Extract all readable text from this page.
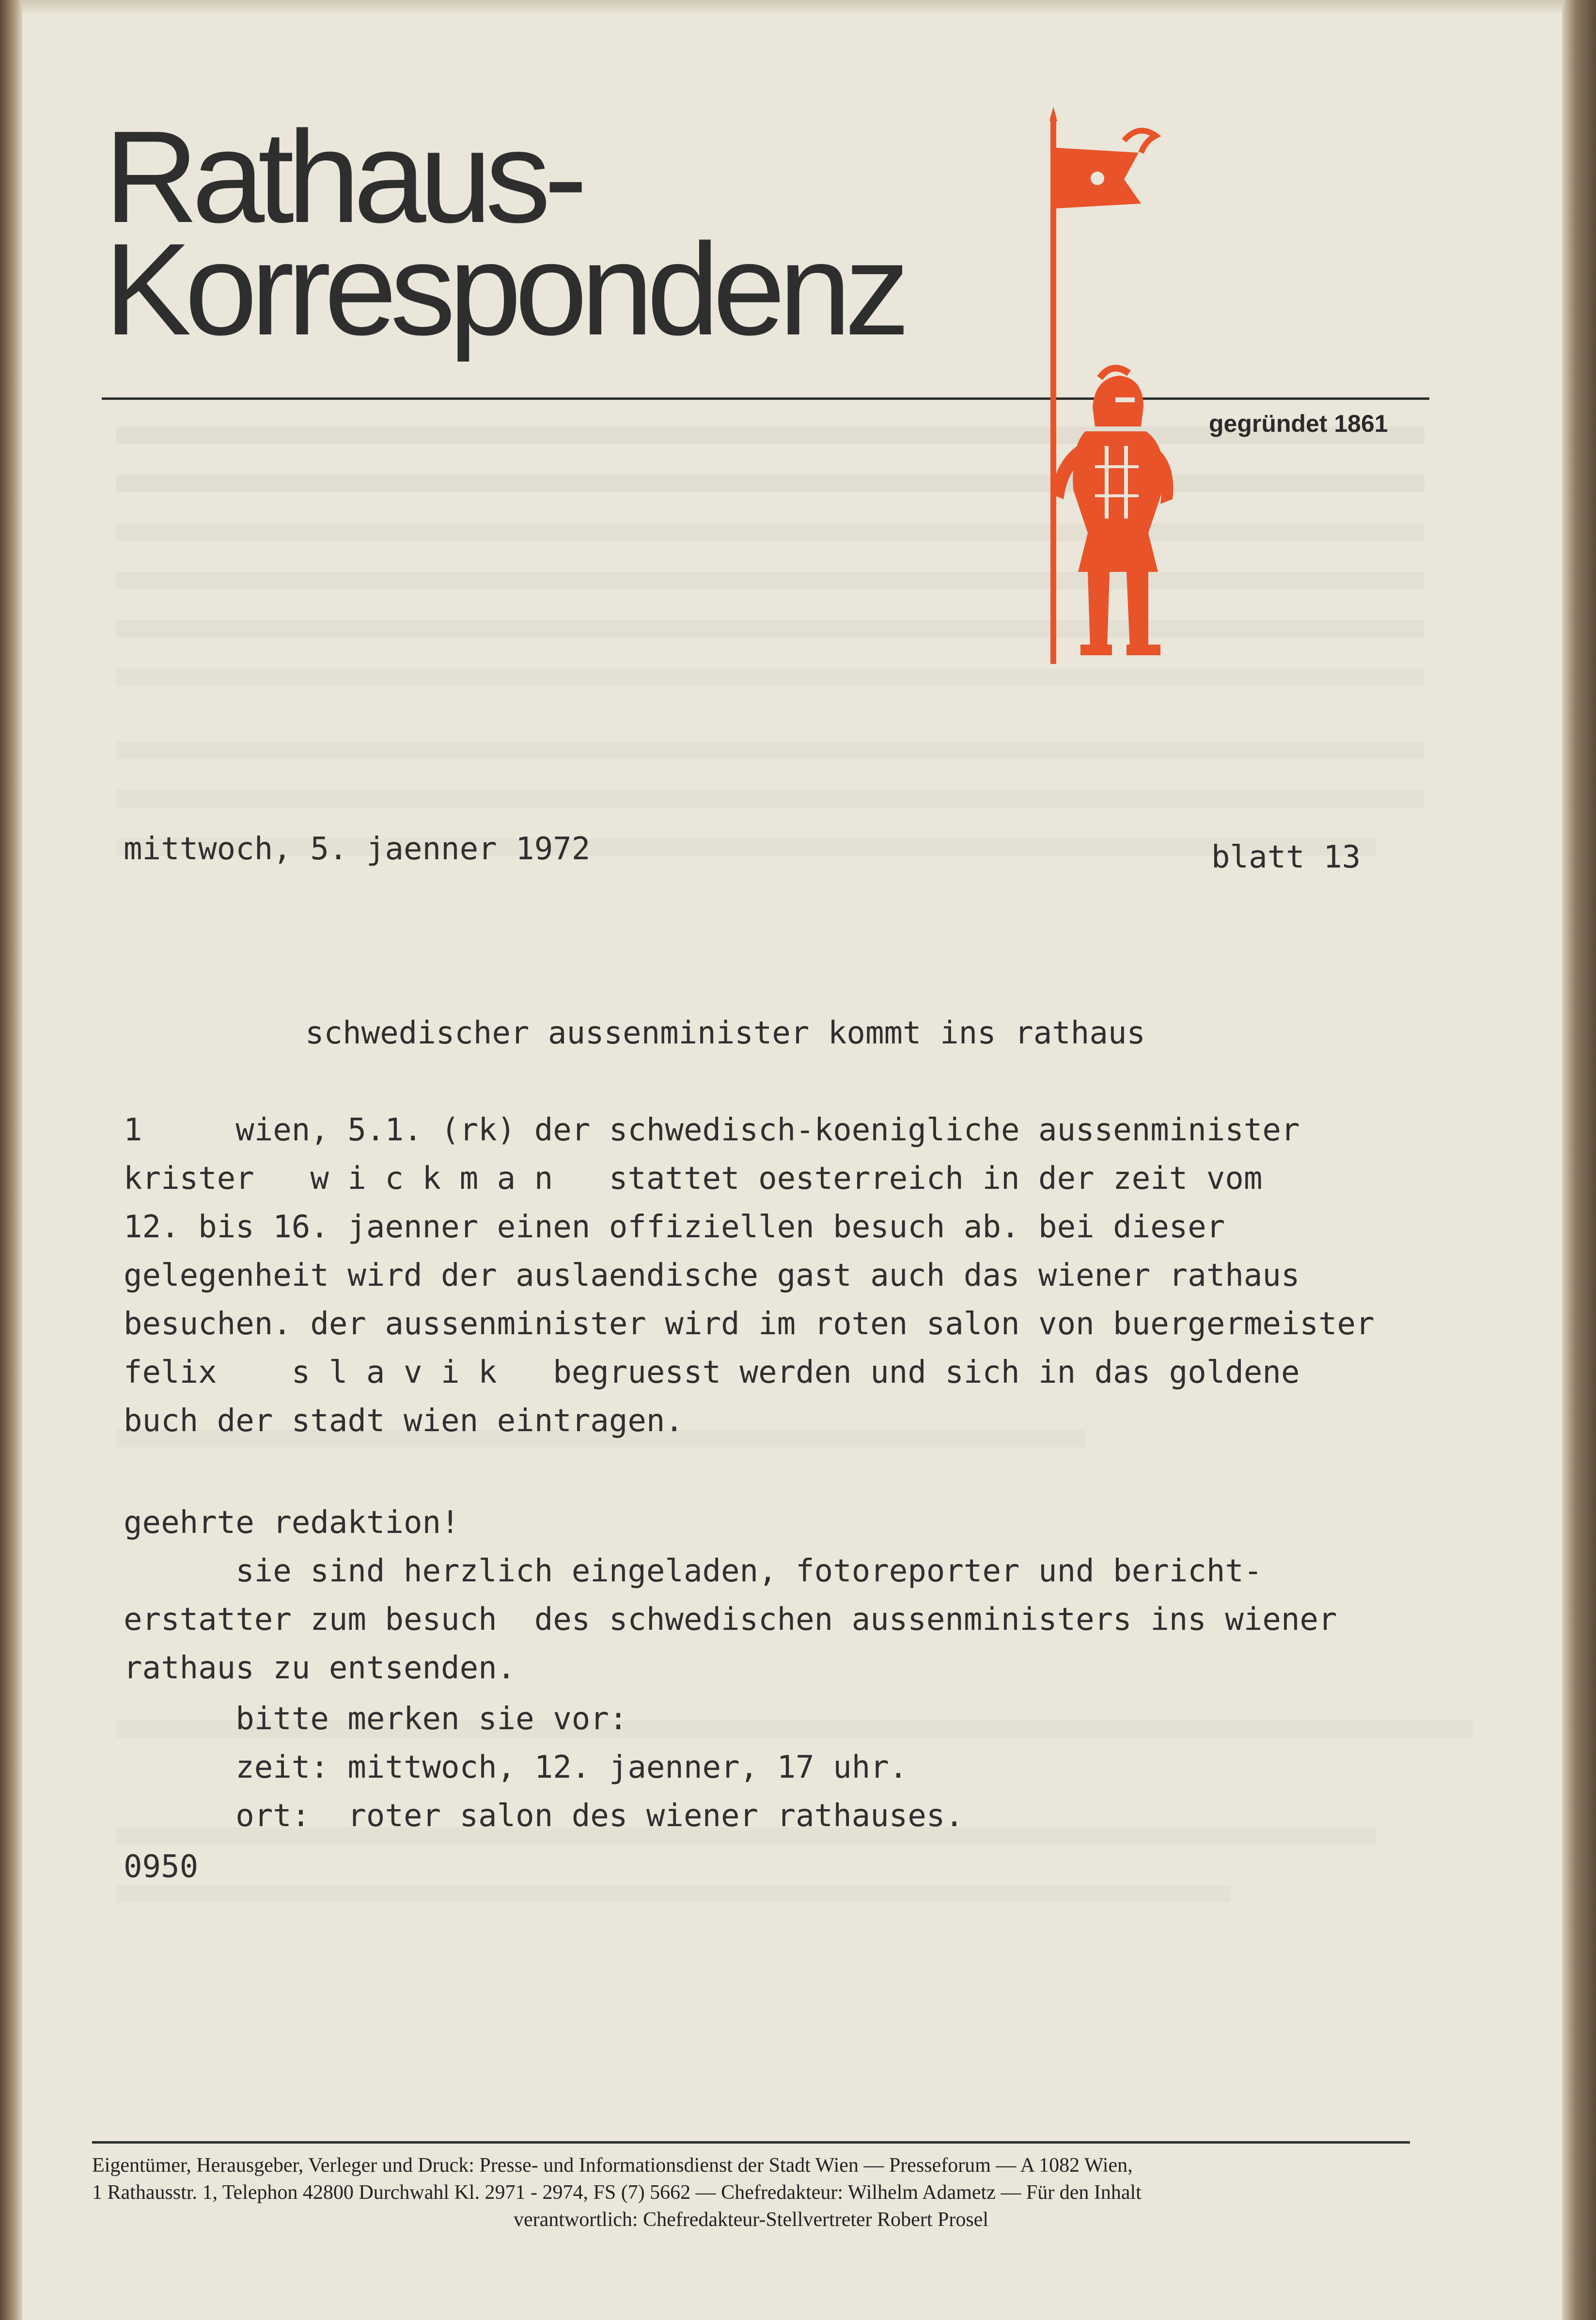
Rathaus-
Korrespondenz
gegründet 1861
mittwoch, 5. jaenner 1972	blatt 13
schwedischer aussenminister kommt ins rathaus
1     wien, 5.1. (rk) der schwedisch-koenigliche aussenminister
krister   w i c k m a n   stattet oesterreich in der zeit vom
12. bis 16. jaenner einen offiziellen besuch ab. bei dieser
gelegenheit wird der auslaendische gast auch das wiener rathaus
besuchen. der aussenminister wird im roten salon von buergermeister
felix    s l a v i k   begruesst werden und sich in das goldene
buch der stadt wien eintragen.
geehrte redaktion!
sie sind herzlich eingeladen, fotoreporter und bericht-
erstatter zum besuch  des schwedischen aussenministers ins wiener
rathaus zu entsenden.
bitte merken sie vor:
zeit: mittwoch, 12. jaenner, 17 uhr.
ort:  roter salon des wiener rathauses.
0950
Eigentümer, Herausgeber, Verleger und Druck: Presse- und Informationsdienst der Stadt Wien — Presseforum — A 1082 Wien,
1 Rathausstr. 1, Telephon 42800 Durchwahl Kl. 2971 - 2974, FS (7) 5662 — Chefredakteur: Wilhelm Adametz — Für den Inhalt
verantwortlich: Chefredakteur-Stellvertreter Robert Prosel
